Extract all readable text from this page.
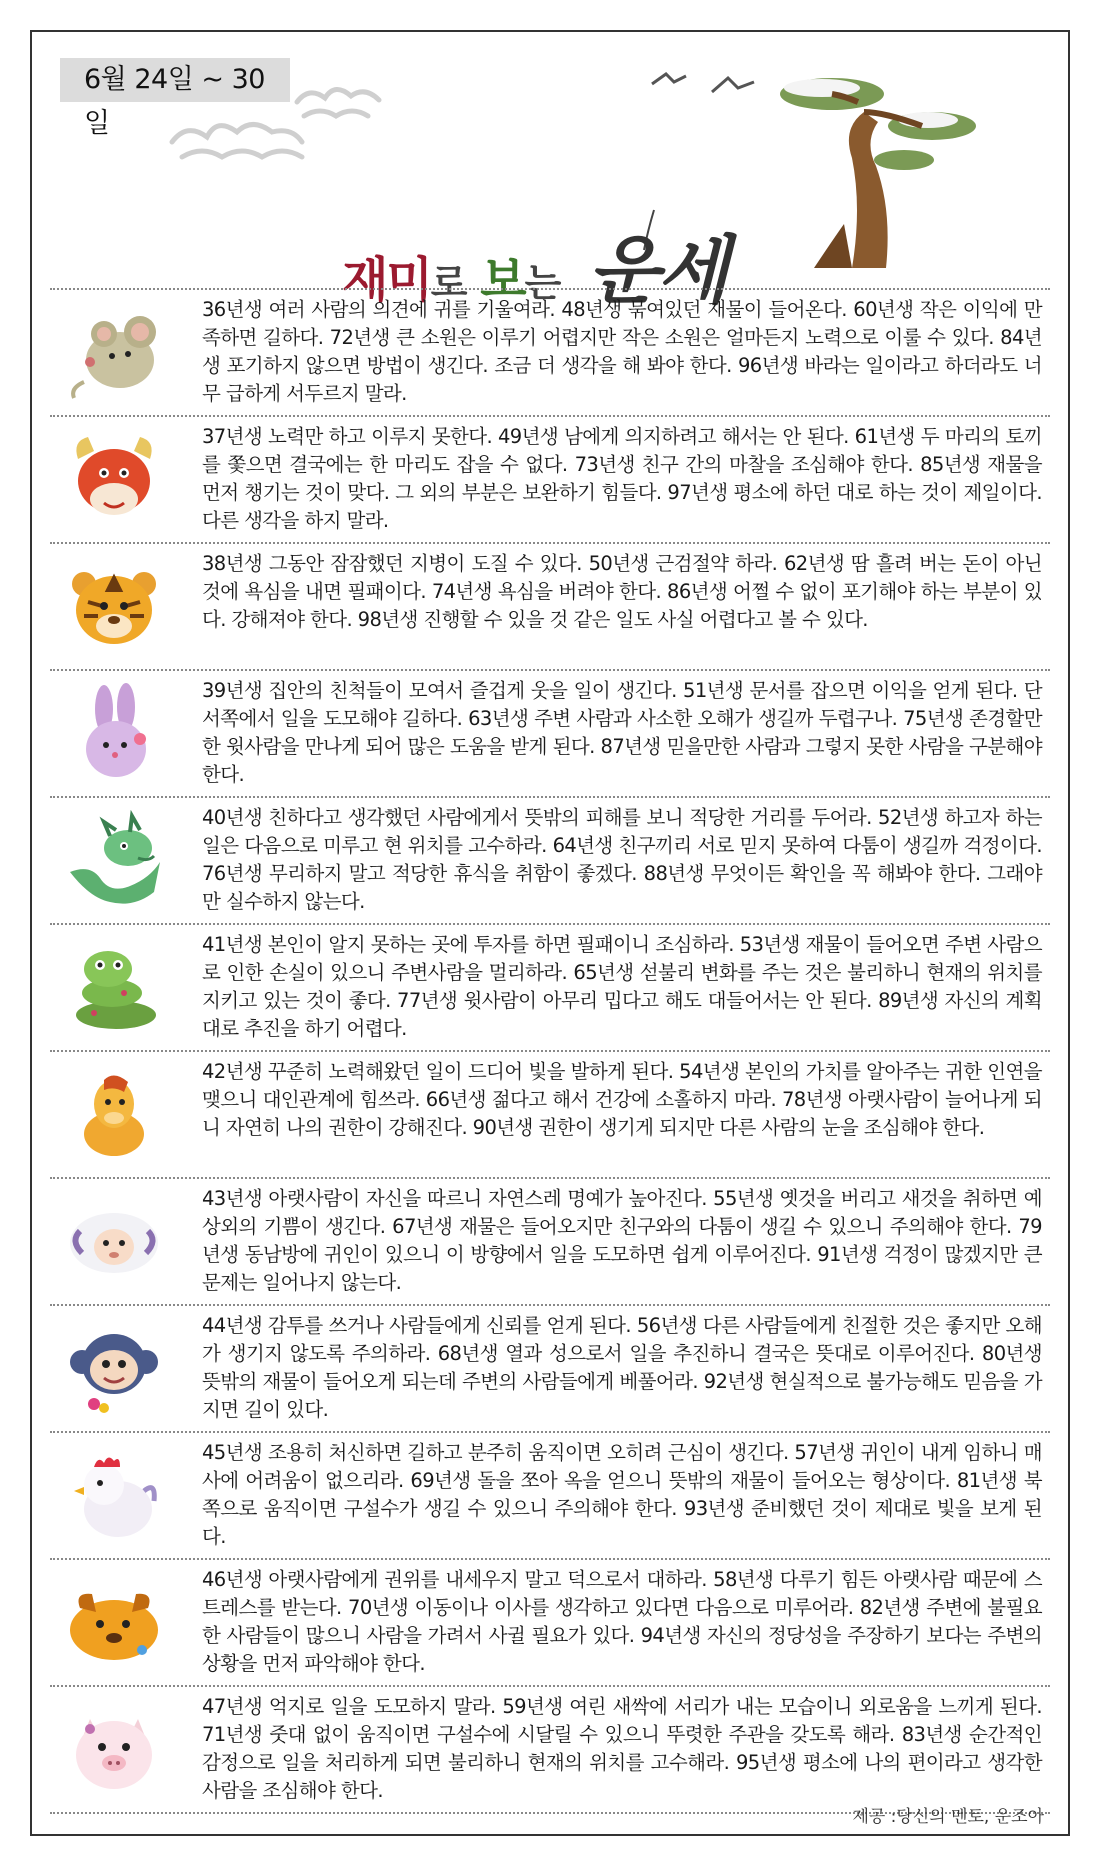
6월 24일 ~ 30일
재미로 보는 운세
36년생 여러 사람의 의견에 귀를 기울여라. 48년생 묶여있던 재물이 들어온다. 60년생 작은 이익에 만족하면 길하다. 72년생 큰 소원은 이루기 어렵지만 작은 소원은 얼마든지 노력으로 이룰 수 있다. 84년생 포기하지 않으면 방법이 생긴다. 조금 더 생각을 해 봐야 한다. 96년생 바라는 일이라고 하더라도 너무 급하게 서두르지 말라.
37년생 노력만 하고 이루지 못한다. 49년생 남에게 의지하려고 해서는 안 된다. 61년생 두 마리의 토끼를 쫓으면 결국에는 한 마리도 잡을 수 없다. 73년생 친구 간의 마찰을 조심해야 한다. 85년생 재물을 먼저 챙기는 것이 맞다. 그 외의 부분은 보완하기 힘들다. 97년생 평소에 하던 대로 하는 것이 제일이다. 다른 생각을 하지 말라.
38년생 그동안 잠잠했던 지병이 도질 수 있다. 50년생 근검절약 하라. 62년생 땀 흘려 버는 돈이 아닌 것에 욕심을 내면 필패이다. 74년생 욕심을 버려야 한다. 86년생 어쩔 수 없이 포기해야 하는 부분이 있다. 강해져야 한다. 98년생 진행할 수 있을 것 같은 일도 사실 어렵다고 볼 수 있다.
39년생 집안의 친척들이 모여서 즐겁게 웃을 일이 생긴다. 51년생 문서를 잡으면 이익을 얻게 된다. 단 서쪽에서 일을 도모해야 길하다. 63년생 주변 사람과 사소한 오해가 생길까 두렵구나. 75년생 존경할만한 윗사람을 만나게 되어 많은 도움을 받게 된다. 87년생 믿을만한 사람과 그렇지 못한 사람을 구분해야 한다.
40년생 친하다고 생각했던 사람에게서 뜻밖의 피해를 보니 적당한 거리를 두어라. 52년생 하고자 하는 일은 다음으로 미루고 현 위치를 고수하라. 64년생 친구끼리 서로 믿지 못하여 다툼이 생길까 걱정이다. 76년생 무리하지 말고 적당한 휴식을 취함이 좋겠다. 88년생 무엇이든 확인을 꼭 해봐야 한다. 그래야만 실수하지 않는다.
41년생 본인이 알지 못하는 곳에 투자를 하면 필패이니 조심하라. 53년생 재물이 들어오면 주변 사람으로 인한 손실이 있으니 주변사람을 멀리하라. 65년생 섣불리 변화를 주는 것은 불리하니 현재의 위치를 지키고 있는 것이 좋다. 77년생 윗사람이 아무리 밉다고 해도 대들어서는 안 된다. 89년생 자신의 계획대로 추진을 하기 어렵다.
42년생 꾸준히 노력해왔던 일이 드디어 빛을 발하게 된다. 54년생 본인의 가치를 알아주는 귀한 인연을 맺으니 대인관계에 힘쓰라. 66년생 젊다고 해서 건강에 소홀하지 마라. 78년생 아랫사람이 늘어나게 되니 자연히 나의 권한이 강해진다. 90년생 권한이 생기게 되지만 다른 사람의 눈을 조심해야 한다.
43년생 아랫사람이 자신을 따르니 자연스레 명예가 높아진다. 55년생 옛것을 버리고 새것을 취하면 예상외의 기쁨이 생긴다. 67년생 재물은 들어오지만 친구와의 다툼이 생길 수 있으니 주의해야 한다. 79년생 동남방에 귀인이 있으니 이 방향에서 일을 도모하면 쉽게 이루어진다. 91년생 걱정이 많겠지만 큰 문제는 일어나지 않는다.
44년생 감투를 쓰거나 사람들에게 신뢰를 얻게 된다. 56년생 다른 사람들에게 친절한 것은 좋지만 오해가 생기지 않도록 주의하라. 68년생 열과 성으로서 일을 추진하니 결국은 뜻대로 이루어진다. 80년생 뜻밖의 재물이 들어오게 되는데 주변의 사람들에게 베풀어라. 92년생 현실적으로 불가능해도 믿음을 가지면 길이 있다.
45년생 조용히 처신하면 길하고 분주히 움직이면 오히려 근심이 생긴다. 57년생 귀인이 내게 임하니 매사에 어려움이 없으리라. 69년생 돌을 쪼아 옥을 얻으니 뜻밖의 재물이 들어오는 형상이다. 81년생 북쪽으로 움직이면 구설수가 생길 수 있으니 주의해야 한다. 93년생 준비했던 것이 제대로 빛을 보게 된다.
46년생 아랫사람에게 권위를 내세우지 말고 덕으로서 대하라. 58년생 다루기 힘든 아랫사람 때문에 스트레스를 받는다. 70년생 이동이나 이사를 생각하고 있다면 다음으로 미루어라. 82년생 주변에 불필요한 사람들이 많으니 사람을 가려서 사귈 필요가 있다. 94년생 자신의 정당성을 주장하기 보다는 주변의 상황을 먼저 파악해야 한다.
47년생 억지로 일을 도모하지 말라. 59년생 여린 새싹에 서리가 내는 모습이니 외로움을 느끼게 된다. 71년생 줏대 없이 움직이면 구설수에 시달릴 수 있으니 뚜렷한 주관을 갖도록 해라. 83년생 순간적인 감정으로 일을 처리하게 되면 불리하니 현재의 위치를 고수해라. 95년생 평소에 나의 편이라고 생각한 사람을 조심해야 한다.
제공 :당신의 멘토, 운조아
